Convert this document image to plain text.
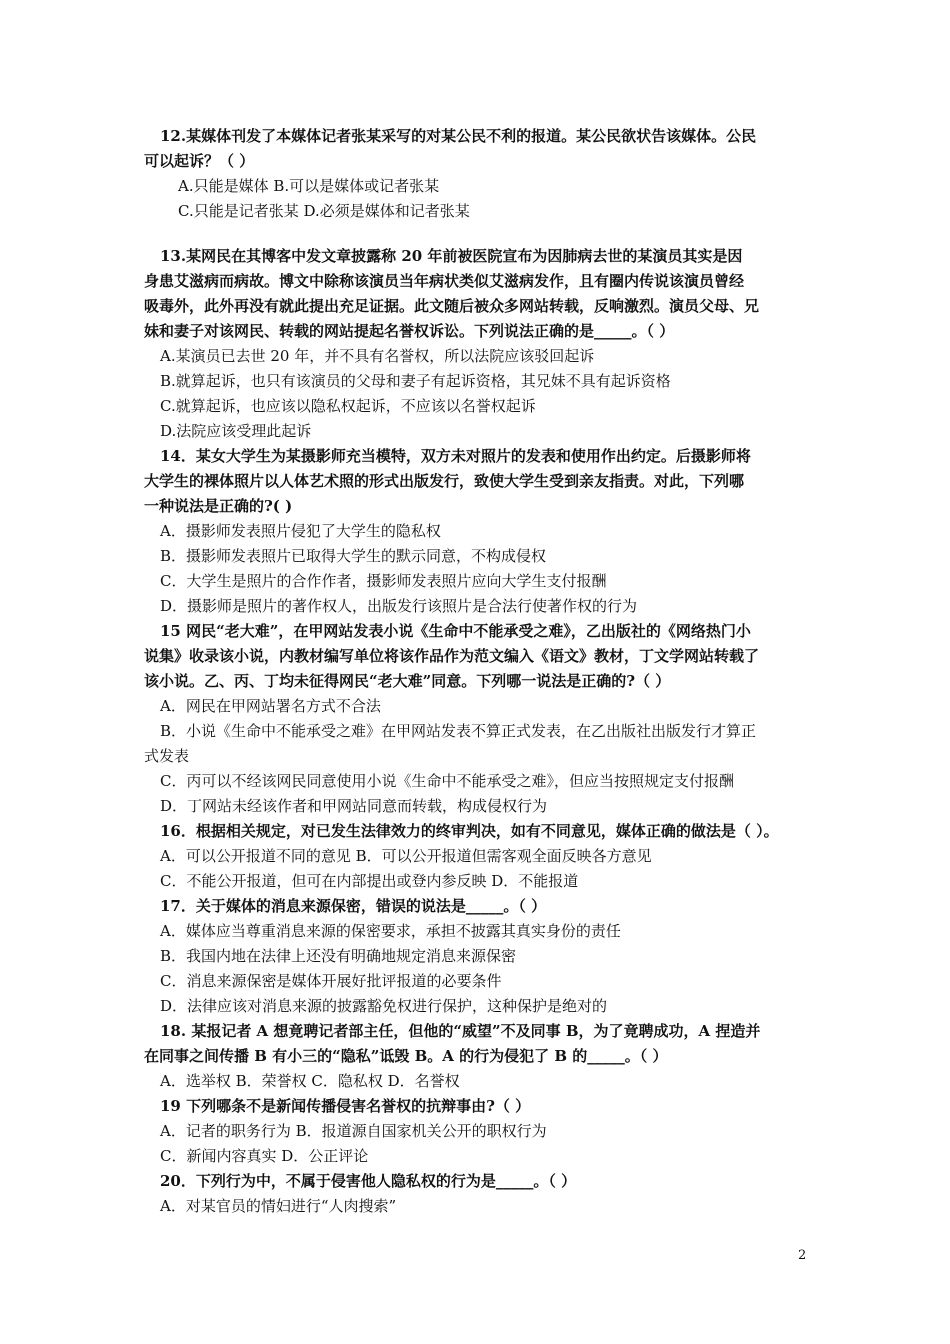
12.某媒体刊发了本媒体记者张某采写的对某公民不利的报道。某公民欲状告该媒体。公民
可以起诉？（ ）
A.只能是媒体 B.可以是媒体或记者张某
C.只能是记者张某 D.必须是媒体和记者张某
13.某网民在其博客中发文章披露称 20 年前被医院宣布为因肺病去世的某演员其实是因
身患艾滋病而病故。博文中除称该演员当年病状类似艾滋病发作，且有圈内传说该演员曾经
吸毒外，此外再没有就此提出充足证据。此文随后被众多网站转载，反响激烈。演员父母、兄
妹和妻子对该网民、转载的网站提起名誉权诉讼。下列说法正确的是_____。（ ）
A.某演员已去世 20 年，并不具有名誉权，所以法院应该驳回起诉
B.就算起诉，也只有该演员的父母和妻子有起诉资格，其兄妹不具有起诉资格
C.就算起诉，也应该以隐私权起诉，不应该以名誉权起诉
D.法院应该受理此起诉
14．某女大学生为某摄影师充当模特，双方未对照片的发表和使用作出约定。后摄影师将
大学生的裸体照片以人体艺术照的形式出版发行，致使大学生受到亲友指责。对此，下列哪
一种说法是正确的?( )
A．摄影师发表照片侵犯了大学生的隐私权
B．摄影师发表照片已取得大学生的默示同意，不构成侵权
C．大学生是照片的合作作者，摄影师发表照片应向大学生支付报酬
D．摄影师是照片的著作权人，出版发行该照片是合法行使著作权的行为
15 网民“老大难”，在甲网站发表小说《生命中不能承受之难》，乙出版社的《网络热门小
说集》收录该小说，内教材编写单位将该作品作为范文编入《语文》教材，丁文学网站转载了
该小说。乙、丙、丁均未征得网民“老大难”同意。下列哪一说法是正确的?（ ）
A．网民在甲网站署名方式不合法
B．小说《生命中不能承受之难》在甲网站发表不算正式发表，在乙出版社出版发行才算正
式发表
C．丙可以不经该网民同意使用小说《生命中不能承受之难》，但应当按照规定支付报酬
D．丁网站未经该作者和甲网站同意而转载，构成侵权行为
16．根据相关规定，对已发生法律效力的终审判决，如有不同意见，媒体正确的做法是（ ）。
A．可以公开报道不同的意见 B．可以公开报道但需客观全面反映各方意见
C．不能公开报道，但可在内部提出或登内参反映 D．不能报道
17．关于媒体的消息来源保密，错误的说法是_____。（ ）
A．媒体应当尊重消息来源的保密要求，承担不披露其真实身份的责任
B．我国内地在法律上还没有明确地规定消息来源保密
C．消息来源保密是媒体开展好批评报道的必要条件
D．法律应该对消息来源的披露豁免权进行保护，这种保护是绝对的
18. 某报记者 A 想竟聘记者部主任，但他的“威望”不及同事 B，为了竟聘成功，A 捏造并
在同事之间传播 B 有小三的“隐私”诋毁 B。A 的行为侵犯了 B 的_____。（ ）
A．选举权 B．荣誉权 C．隐私权 D．名誉权
19 下列哪条不是新闻传播侵害名誉权的抗辩事由?（ ）
A．记者的职务行为 B．报道源自国家机关公开的职权行为
C．新闻内容真实 D．公正评论
20．下列行为中，不属于侵害他人隐私权的行为是_____。（ ）
A．对某官员的情妇进行“人肉搜索”
2
